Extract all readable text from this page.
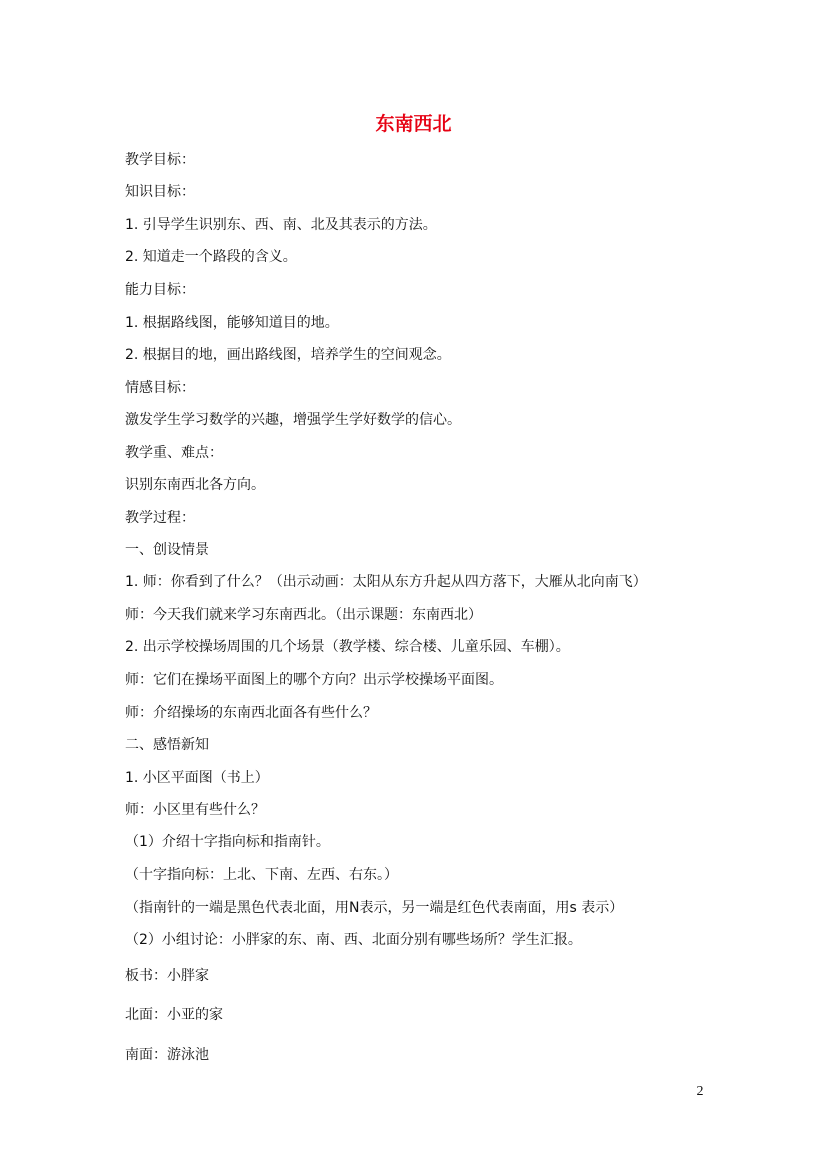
东南西北
教学目标：
知识目标：
1. 引导学生识别东、西、南、北及其表示的方法。
2. 知道走一个路段的含义。
能力目标：
1. 根据路线图，能够知道目的地。
2. 根据目的地，画出路线图，培养学生的空间观念。
情感目标：
激发学生学习数学的兴趣，增强学生学好数学的信心。
教学重、难点：
识别东南西北各方向。
教学过程：
一、创设情景
1. 师：你看到了什么？（出示动画：太阳从东方升起从四方落下，大雁从北向南飞）
师：今天我们就来学习东南西北。（出示课题：东南西北）
2. 出示学校操场周围的几个场景（教学楼、综合楼、儿童乐园、车棚）。
师：它们在操场平面图上的哪个方向？出示学校操场平面图。
师：介绍操场的东南西北面各有些什么？
二、感悟新知
1. 小区平面图（书上）
师：小区里有些什么？
（1）介绍十字指向标和指南针。
（十字指向标：上北、下南、左西、右东。）
（指南针的一端是黑色代表北面，用N表示，另一端是红色代表南面，用s 表示）
（2）小组讨论：小胖家的东、南、西、北面分别有哪些场所？学生汇报。
板书：小胖家
北面：小亚的家
南面：游泳池
2
